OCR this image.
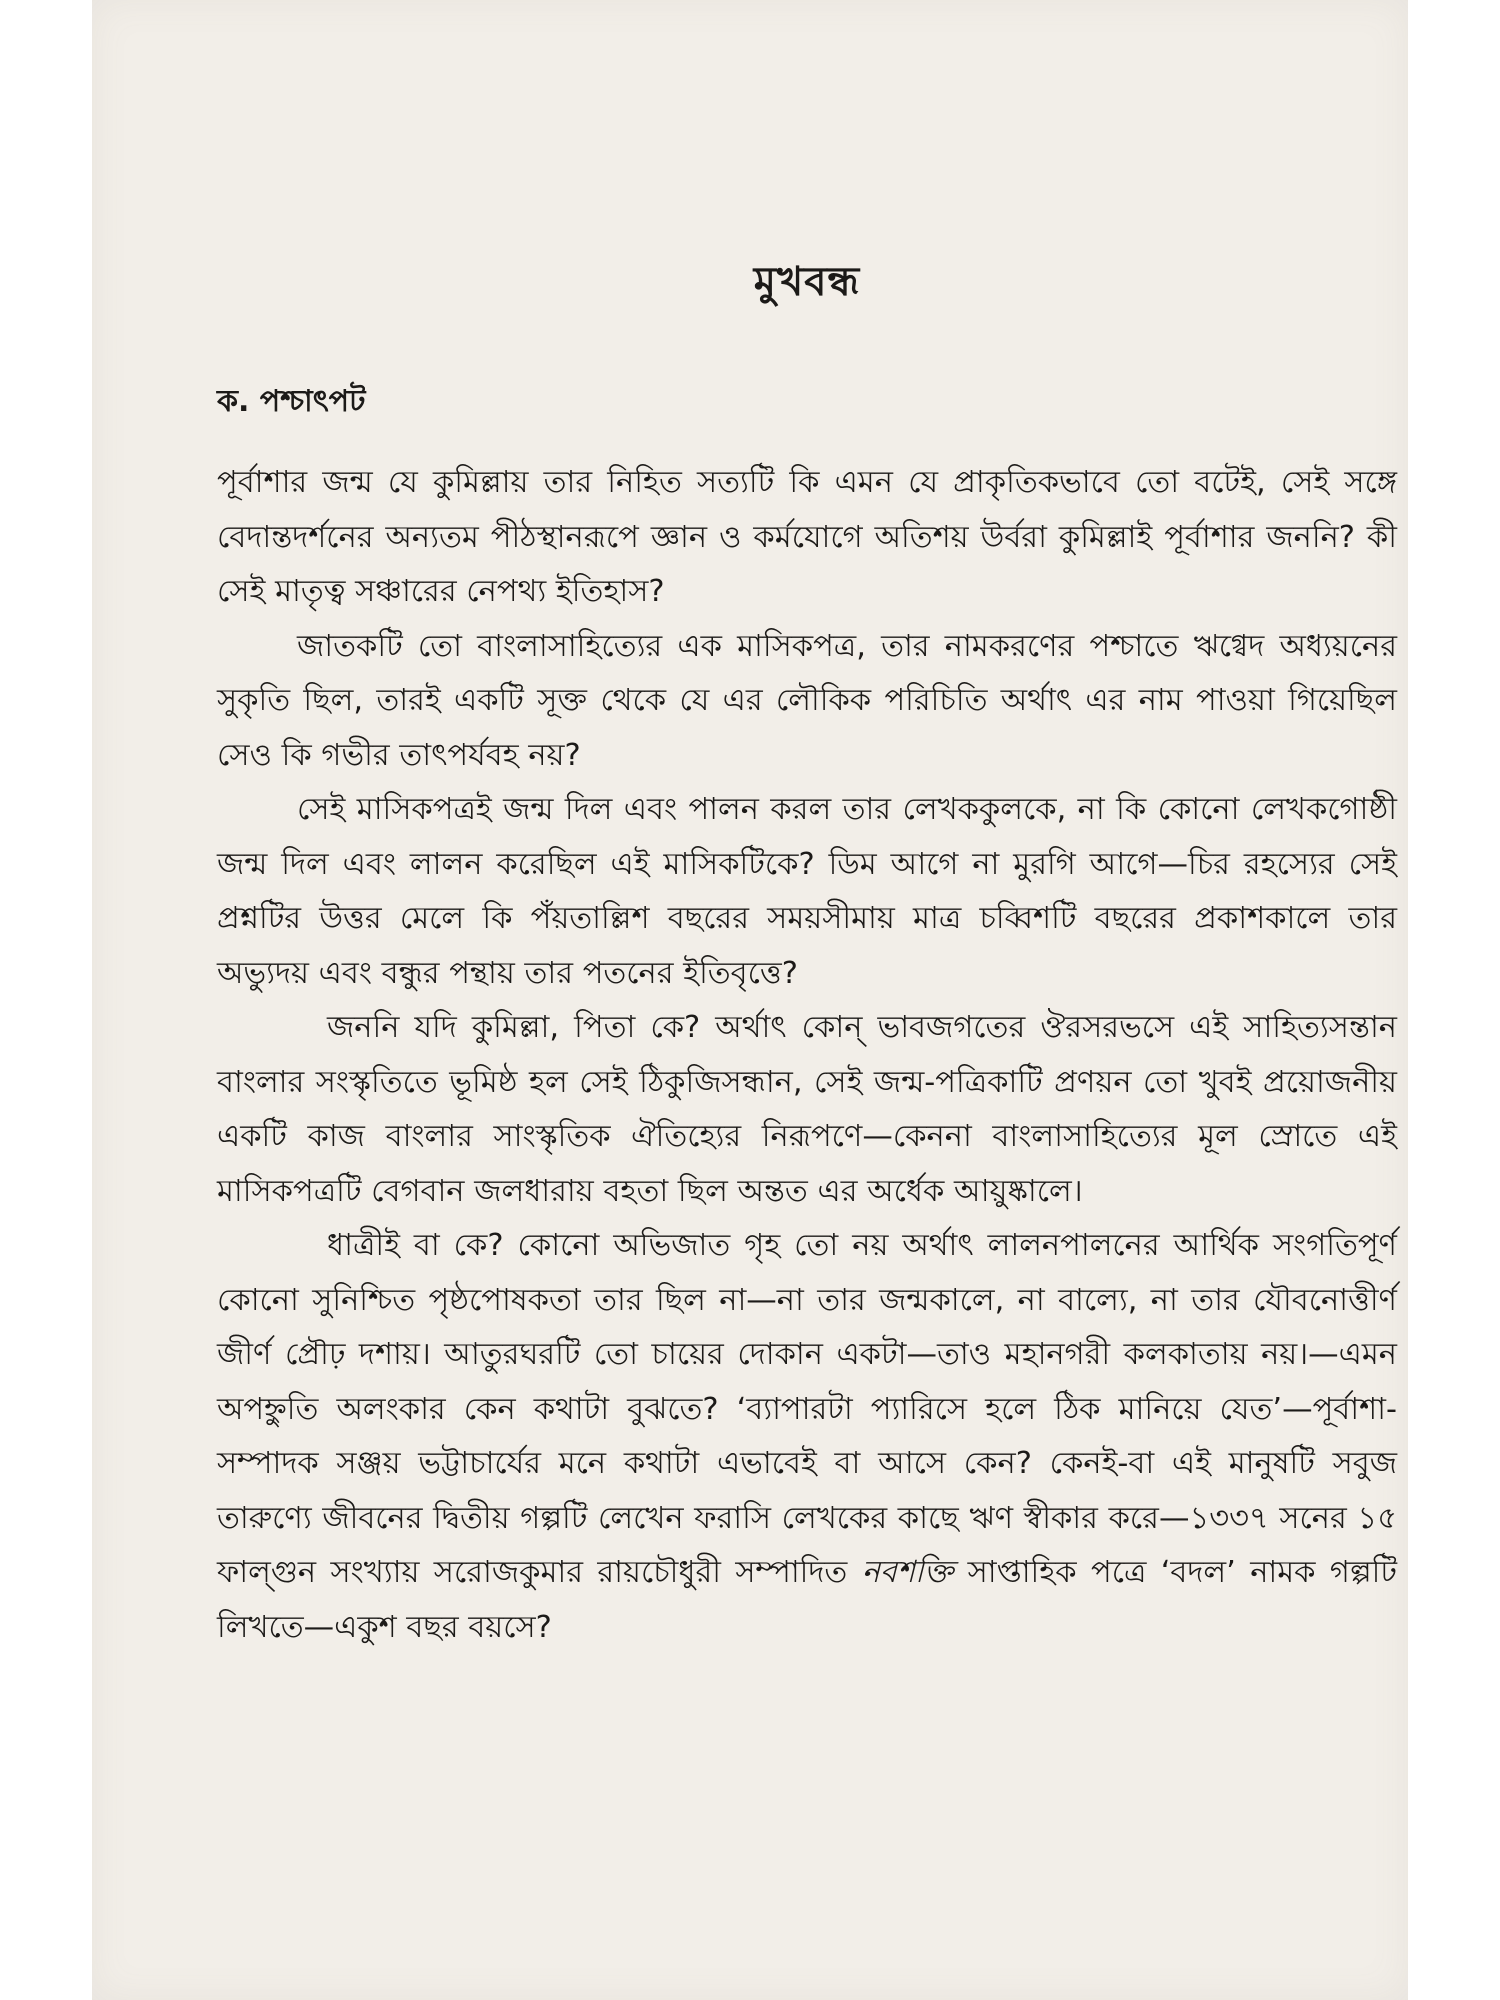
মুখবন্ধ
ক. পশ্চাৎপট

পূর্বাশার জন্ম যে কুমিল্লায় তার নিহিত সত্যটি কি এমন যে প্রাকৃতিকভাবে তো বটেই, সেই সঙ্গে বেদান্তদর্শনের অন্যতম পীঠস্থানরূপে জ্ঞান ও কর্মযোগে অতিশয় উর্বরা কুমিল্লাই পূর্বাশার জননি? কী সেই মাতৃত্ব সঞ্চারের নেপথ্য ইতিহাস?

জাতকটি তো বাংলাসাহিত্যের এক মাসিকপত্র, তার নামকরণের পশ্চাতে ঋগ্বেদ অধ্যয়নের সুকৃতি ছিল, তারই একটি সূক্ত থেকে যে এর লৌকিক পরিচিতি অর্থাৎ এর নাম পাওয়া গিয়েছিল সেও কি গভীর তাৎপর্যবহ নয়?

সেই মাসিকপত্রই জন্ম দিল এবং পালন করল তার লেখককুলকে, না কি কোনো লেখকগোষ্ঠী জন্ম দিল এবং লালন করেছিল এই মাসিকটিকে? ডিম আগে না মুরগি আগে—চির রহস্যের সেই প্রশ্নটির উত্তর মেলে কি পঁয়তাল্লিশ বছরের সময়সীমায় মাত্র চব্বিশটি বছরের প্রকাশকালে তার অভ্যুদয় এবং বন্ধুর পন্থায় তার পতনের ইতিবৃত্তে?

জননি যদি কুমিল্লা, পিতা কে? অর্থাৎ কোন্ ভাবজগতের ঔরসরভসে এই সাহিত্যসন্তান বাংলার সংস্কৃতিতে ভূমিষ্ঠ হল সেই ঠিকুজিসন্ধান, সেই জন্ম-পত্রিকাটি প্রণয়ন তো খুবই প্রয়োজনীয় একটি কাজ বাংলার সাংস্কৃতিক ঐতিহ্যের নিরূপণে—কেননা বাংলাসাহিত্যের মূল স্রোতে এই মাসিকপত্রটি বেগবান জলধারায় বহতা ছিল অন্তত এর অর্ধেক আয়ুষ্কালে।

ধাত্রীই বা কে? কোনো অভিজাত গৃহ তো নয় অর্থাৎ লালনপালনের আর্থিক সংগতিপূর্ণ কোনো সুনিশ্চিত পৃষ্ঠপোষকতা তার ছিল না—না তার জন্মকালে, না বাল্যে, না তার যৌবনোত্তীর্ণ জীর্ণ প্রৌঢ় দশায়। আতুরঘরটি তো চায়ের দোকান একটা—তাও মহানগরী কলকাতায় নয়।—এমন অপহ্নুতি অলংকার কেন কথাটা বুঝতে? ‘ব্যাপারটা প্যারিসে হলে ঠিক মানিয়ে যেত’—পূর্বাশা-সম্পাদক সঞ্জয় ভট্টাচার্যের মনে কথাটা এভাবেই বা আসে কেন? কেনই-বা এই মানুষটি সবুজ তারুণ্যে জীবনের দ্বিতীয় গল্পটি লেখেন ফরাসি লেখকের কাছে ঋণ স্বীকার করে—১৩৩৭ সনের ১৫ ফাল্গুন সংখ্যায় সরোজকুমার রায়চৌধুরী সম্পাদিত নবশক্তি সাপ্তাহিক পত্রে ‘বদল’ নামক গল্পটি লিখতে—একুশ বছর বয়সে?
